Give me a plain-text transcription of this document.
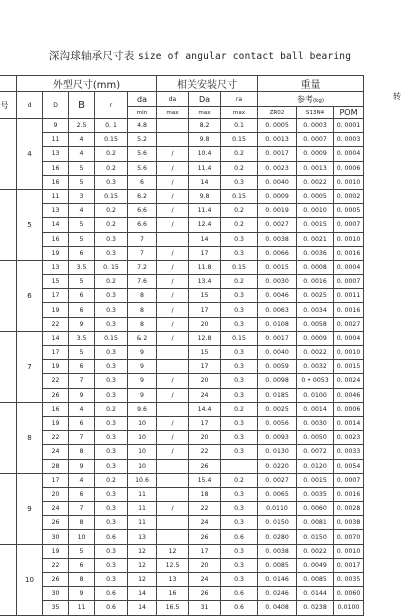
深沟球轴承尺寸表 size of angular contact ball bearing
	外型尺寸(mm)					相关安装尺寸			重量		
号	d	D	B	r	da	da	Da	ra	参考(kg)		
					min	max	max	max	ZR02	S13N4	POM
	4	9	2.5	0. 1	4.8		8.2	0.1	0. 0005	0. 0003	0. 0001
		11	4	0.15	5.2		9.8	0.15	0. 0013	0. 0007	0. 0003
		13	4	0.2	5.6	/	10.4	0.2	0. 0017	0. 0009	0. 0004
		16	5	0.2	5.6	/	11.4	0.2	0. 0023	0. 0013	0. 0006
		16	5	0.3	6	/	14	0.3	0. 0040	0. 0022	0. 0010
	5	11	3	0.15	6.2	/	9.8	0.15	0. 0009	0. 0005	0. 0002
		13	4	0.2	6.6	/	11.4	0.2	0. 0019	0. 0010	0. 0005
		14	5	0.2	6.6	/	12.4	0.2	0. 0027	0. 0015	0. 0007
		16	5	0.3	7		14	0.3	0. 0038	0. 0021	0. 0010
		19	6	0.3	7	/	17	0.3	0. 0066	0. 0036	0. 0016
	6	13	3.5	0. 15	7.2	/	11.8	0.15	0. 0015	0. 0008	0. 0004
		15	5	0.2	7.6	/	13.4	0.2	0. 0030	0. 0016	0. 0007
		17	6	0.3	8	/	15	0.3	0. 0046	0. 0025	0. 0011
		19	6	0.3	8	/	17	0.3	0. 0063	0. 0034	0. 0016
		22	9	0.3	8	/	20	0.3	0. 0108	0. 0058	0. 0027
	7	14	3.5	0.15	& 2	/	12.8	0.15	0. 0017	0. 0009	0. 0004
		17	5	0.3	9		15	0.3	0. 0040	0. 0022	0. 0010
		19	6	0.3	9		17	0.3	0. 0059	0. 0032	0. 0015
		22	7	0.3	9	/	20	0.3	0. 0098	0 • 0053	0. 0024
		26	9	0.3	9	/	24	0.3	0. 0185	0. 0100	0. 0046
	8	16	4	0.2	9.6		14.4	0.2	0. 0025	0. 0014	0. 0006
		19	6	0.3	10	/	17	0.3	0. 0056	0. 0030	0. 0014
		22	7	0.3	10	/	20	0.3	0. 0093	0. 0050	0. 0023
		24	8	0.3	10	/	22	0.3	0. 0130	0. 0072	0. 0033
		28	9	0.3	10		26		0. 0220	0. 0120	0. 0054
	9	17	4	0.2	10.6		15.4	0.2	0. 0027	0. 0015	0. 0007
		20	6	0.3	11		18	0.3	0. 0065	0. 0035	0. 0016
		24	7	0.3	11	/	22	0.3	0.0110	0. 0060	0. 0028
		26	8	0.3	11		24	0.3	0. 0150	0. 0081	0. 0038
		30	10	0.6	13		26	0.6	0. 0280	0. 0150	0. 0070
	10	19	5	0.3	12	12	17	0.3	0. 0038	0. 0022	0. 0010
		22	6	0.3	12	12.5	20	0.3	0. 0085	0. 0049	0. 0017
		26	8	0.3	12	13	24	0.3	0. 0146	0. 0085	0. 0035
		30	9	0.6	14	16	26	0.6	0. 0246	0. 0144	0. 0060
		35	11	0.6	14	16.5	31	0.6	0. 0408	0. 0238	0.0100
转
